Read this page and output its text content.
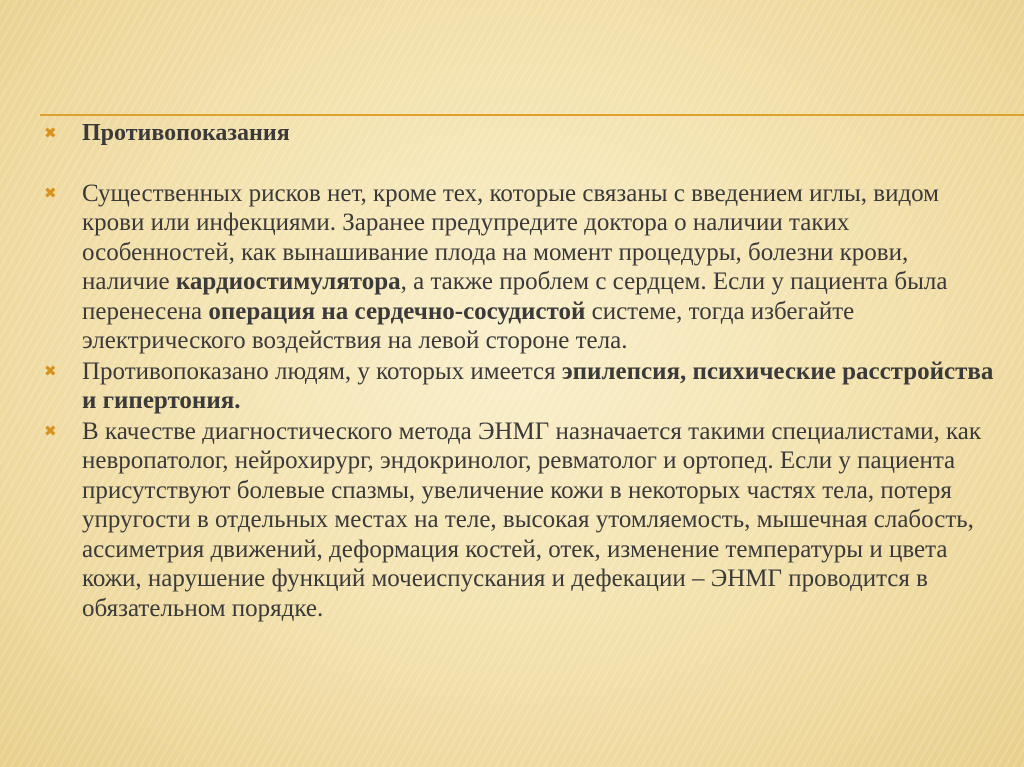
✖ Противопоказания
✖ Существенных рисков нет, кроме тех, которые связаны с введением иглы, видом крови или инфекциями. Заранее предупредите доктора о наличии таких особенностей, как вынашивание плода на момент процедуры, болезни крови, наличие кардиостимулятора, а также проблем с сердцем. Если у пациента была перенесена операция на сердечно-сосудистой системе, тогда избегайте электрического воздействия на левой стороне тела.
✖ Противопоказано людям, у которых имеется эпилепсия, психические расстройства и гипертония.
✖ В качестве диагностического метода ЭНМГ назначается такими специалистами, как невропатолог, нейрохирург, эндокринолог, ревматолог и ортопед. Если у пациента присутствуют болевые спазмы, увеличение кожи в некоторых частях тела, потеря упругости в отдельных местах на теле, высокая утомляемость, мышечная слабость, ассиметрия движений, деформация костей, отек, изменение температуры и цвета кожи, нарушение функций мочеиспускания и дефекации – ЭНМГ проводится в обязательном порядке.
